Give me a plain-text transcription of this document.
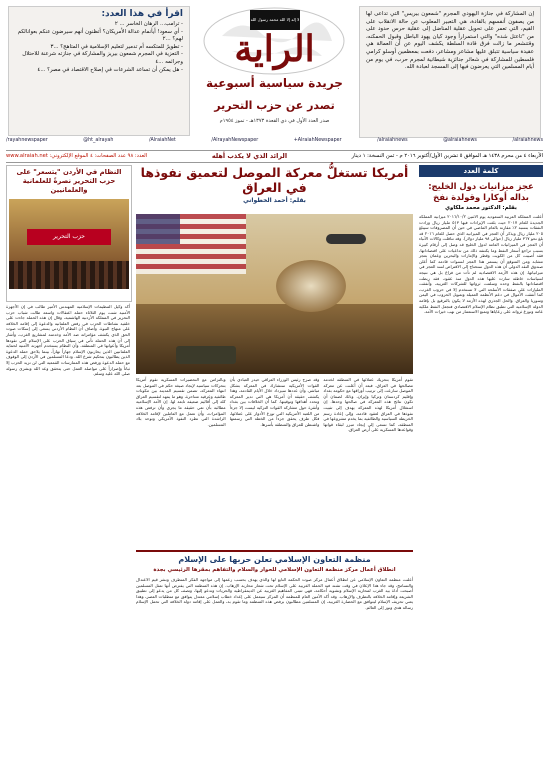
اقرأ في هذا العدد:
- ترامب... الرهان الخاسر ... ٢
- أي سعود! أيأنمام عدالة الأمريكان؟ أتظنون أنهم سيرضون عنكم بعوانالكم لهم؟ ...٢
- تطويرُ للمتكسه أم تدمير لتعليم الإسلامية في المتاهج؟ ...٣
- التعزية في المجرم شمعون بيريز والمشاركة في جنازته شرعنة للاحتلال وجرائمه ...٤
- هل يمكن أن تساعد الشرعات في إصلاح الاقتصاد في مصر؟ ...٤
لا إله إلا الله محمد رسول الله
الراية
جريدة سياسية أسبوعية
تصدر عن حزب التحرير
صدر العدد الأول في ذي القعدة ١٣٧٣هـ - تموز ١٩٥٤م
إن المشاركة في جنازة اليهودي المجرم "شمعون بيريس" التي تداعى لها من يصفون أنفسهم بالقادة، هي التعبير المعلوب عن حالة الانقلاب على القيم، التي تعمر على تحويل عقلية المناضل إلى عقلية حرس حدود على من "تاعتل شده" والتي استمراراً وجود كيان يهود الباطل وقبول الحمكنه، وقتنشعر ما زالت فرق قادة السلطة يكشف اليوم عن أن العمالة هي عقيدة سياسية تتبلق عليها مشاعر ومشاعر، دفعت بمعظمين أوسلو كرامي فلسطين للمشاركة في شعائر جنائزية شيطانية لمجرم حرب، في يوم من أيام المسلمين التي يعرضون فيها إلى المسجد لعبادة الله.
/rayahnewspaper	@ht_alrayah	/AlraiahNet	/AlrayahNewspaper	+AlraiahNewspaper	/alraiahnews	@alraiahnews	/alraiahnews
الأربعاء ٤ من محرم ١٤٣٨ هـ الموافق ٥ تشرين الأول/أكتوبر ٢٠١٦ م - ثمن النسخة: ١ دينار
الرائد الذي لا يكذب أهله
العدد: ٩٨ عدد الصفحات: ٤ الموقع الإلكتروني: www.alraiah.net
كلمة العدد
عجز ميزانيات دول الخليج: بداله أوكارا وقولدة نفخ
بقلم: الدكتور محمد ملكاوي
أعلنت المملكة العربية السعودية يوم الاثنين ٢٠١٦/١٠/٢ ميزانية المملكة الجديدة للعام ٢٠١٧ حيث بلغت الإيرادات فيها ٥١٣ مليار ريال وزادت النفقات بنسبة ٢٪ مقارنة بالعام الماضي في حين أن المصروفات سيبلغ ٢٠٥ مليار ريال ويذكر أن العجز في الميزانية الذي حصل للعام ٢٠١٦ قد بلغ نحو ٣٦٧ مليار ريال (حوالي ٩٨ مليار دولار). وقد تناقلت وكالات الأنباء أن العجز في الميزانيات العامة لدول الخليج قد وصل إلى أرقام كبيرة بسبب تراجع أسعار النفط وما يكتنفه ذلك من تداعيات على اقتصاداتها، فقد أصيبت كل من الكويت وقطر والإمارات والبحرين وعمان بعجز مشابه ومن المتوقع أن يستمر هذا العجز لسنوات قادمة كما أعلن صندوق النقد الدولي أن هذه الدول ستحتاج إلى الاقتراض لسد العجز في ميزانياتها. إن هذه الأزمة الاقتصادية لم تأت من فراغ بل هي نتيجة لسياسات خاطئة سارت عليها هذه الدول منذ عقود، فقد ربطت اقتصاداتها بالنفط وحده وسلمت ثرواتها للشركات الغربية، وأنفقت المليارات على صفقات الأسلحة التي لا تستخدم إلا في حروب الغرب، كما أنفقت الأموال في دعم الأنظمة العميلة وتمويل الحروب في اليمن وسوريا والعراق. والحل الجذري لهذه الأزمة لا يكون بالترقيع بل بإقامة الدولة الإسلامية التي تطبق نظام الإسلام الاقتصادي فتجعل النفط ملكية عامة وتوزع ثرواته على رعاياها وتمنع الاستعمار من نهب خيرات الأمة.
أمريكا تستغلُّ معركة الموصل لتعميق نفوذها في العراق
بقلم: أحمد الخطواني
النظام في الأردن "يتسعر" على حزب التحرير نصرةً للعلمانية والعلمانيين
حزب التحرير
أكد وكيل التنظيمات الإسلامية المهندس الأمير طالب في إن الأجهزة الأمنية شنت يوم الثلاثاء حملة اعتقالات واسعة طالت شباب حزب التحرير في المملكة الأردنية الهاشمية، وقال إن هذه الحملة جاءت على خلفية نشاطات الحزب في رفض العلمانية والدعوة إلى إقامة الخلافة على منهاج النبوة. وأضاف أن النظام الأردني يسعى إلى إسكات صوت الحق الذي يكشف مؤامراته ضد الأمة وخدمته لمشاريع الغرب، وأشار إلى أن هذه الحملة تأتي في سياق الحرب على الإسلام التي تقودها أمريكا وأعوانها في المنطقة، وأن النظام يستخدم أجهزته الأمنية لحماية العلمانيين الذين يحاربون الإسلام جهاراً نهاراً، بينما يلاحق حملة الدعوة الذين يطالبون بتحكيم شرع الله. ودعا المسلمين في الأردن إلى الوقوف مع حملة الدعوة ورفض هذه الممارسات القمعية التي لن تزيد الحزب إلا ثباتاً وإصراراً على مواصلة العمل حتى يتحقق وعد الله وبشرى رسوله صلى الله عليه وسلم.
تقوم أمريكا بتحريك عملائها في المنطقة لخدمة مصالحها في العراق، فبعد أن أعلنت عن معركة الموصل سارعت إلى ترتيب أوراقها مع حكومة بغداد وإقليم كردستان وتركيا وإيران، وذلك لضمان أن تكون نتائج هذه المعركة في صالحها وحدها. إن استغلال أمريكا لهذه المعركة يهدف إلى تثبيت نفوذها في العراق لعقود قادمة، وإلى إعادة رسم الخريطة السياسية والطائفية بما يخدم مشروعها في المنطقة، كما تسعى إلى إيجاد مبرر لبقاء قواتها وقواعدها العسكرية على أرض العراق.
وقد صرح رئيس الوزراء العراقي حيدر العبادي بأن القوات الأمريكية ستشارك في المعركة بشكل مباشر، وأن عددها سيزداد خلال الأيام القادمة، وهذا يكشف حقيقة أن أمريكا هي التي تدير المعركة وتحدد أهدافها وتوقيتها. كما أن الخلافات بين بغداد وأنقرة حول مشاركة القوات التركية ليست إلا جزءاً من اللعبة الأمريكية التي توزع الأدوار على عملائها، فكل طرف يحقق جزءاً من الخطة التي رسمتها واشنطن للعراق والمنطقة بأسرها.
وبالتزامن مع التحضيرات العسكرية تقوم أمريكا بتحركات سياسية لإيجاد صيغة حكم في الموصل بعد انتهاء المعركة، تضمن تقسيم المدينة بين مكونات طائفية وعرقية متناحرة، وهو ما يمهد لتقسيم العراق كله إلى أقاليم ضعيفة تابعة لها. إن الأمة الإسلامية مطالبة بأن تعي حقيقة ما يجري وأن ترفض هذه المؤامرات، وأن تعمل مع العاملين لإقامة الخلافة الراشدة التي تطرد النفوذ الأمريكي وتوحد بلاد المسلمين.
منظمة التعاون الإسلامي تعلن حربها على الإسلام
انطلاق أعمال مركز منظمة التعاون الإسلامي للحوار والسلام والتفاهم بمقرها الرئيسي بجدة
أعلنت منظمة التعاون الإسلامي عن انطلاق أعمال مركز صوت الحكمة التابع لها والذي يهدف بحسب زعمها إلى مواجهة الفكر المتطرف ونشر قيم الاعتدال والتسامح، وقد جاء هذا الإعلان في وقت تشتد فيه الحملة الغربية على الإسلام تحت شعار محاربة الإرهاب. إن هذه المنظمة التي يفترض أنها تمثل المسلمين أصبحت أداة بيد الغرب لمحاربة الإسلام وتشويه أحكامه، فهي تتبنى المفاهيم الغربية عن الديمقراطية والحريات وتدعو إليها، وتصف كل من يدعو إلى تطبيق الشريعة وإقامة الخلافة بالتطرف والإرهاب. وقد أكد الأمين العام للمنظمة أن المركز سيعمل على إعداد خطاب إسلامي معتدل يتوافق مع متطلبات العصر، وهذا يعني تحريف الإسلام ليتوافق مع الحضارة الغربية، إن المسلمين مطالبون برفض هذه المنظمة وما تقوم به، والعمل على إقامة دولة الخلافة التي تحمل الإسلام رسالة هدى ونور إلى العالم.
